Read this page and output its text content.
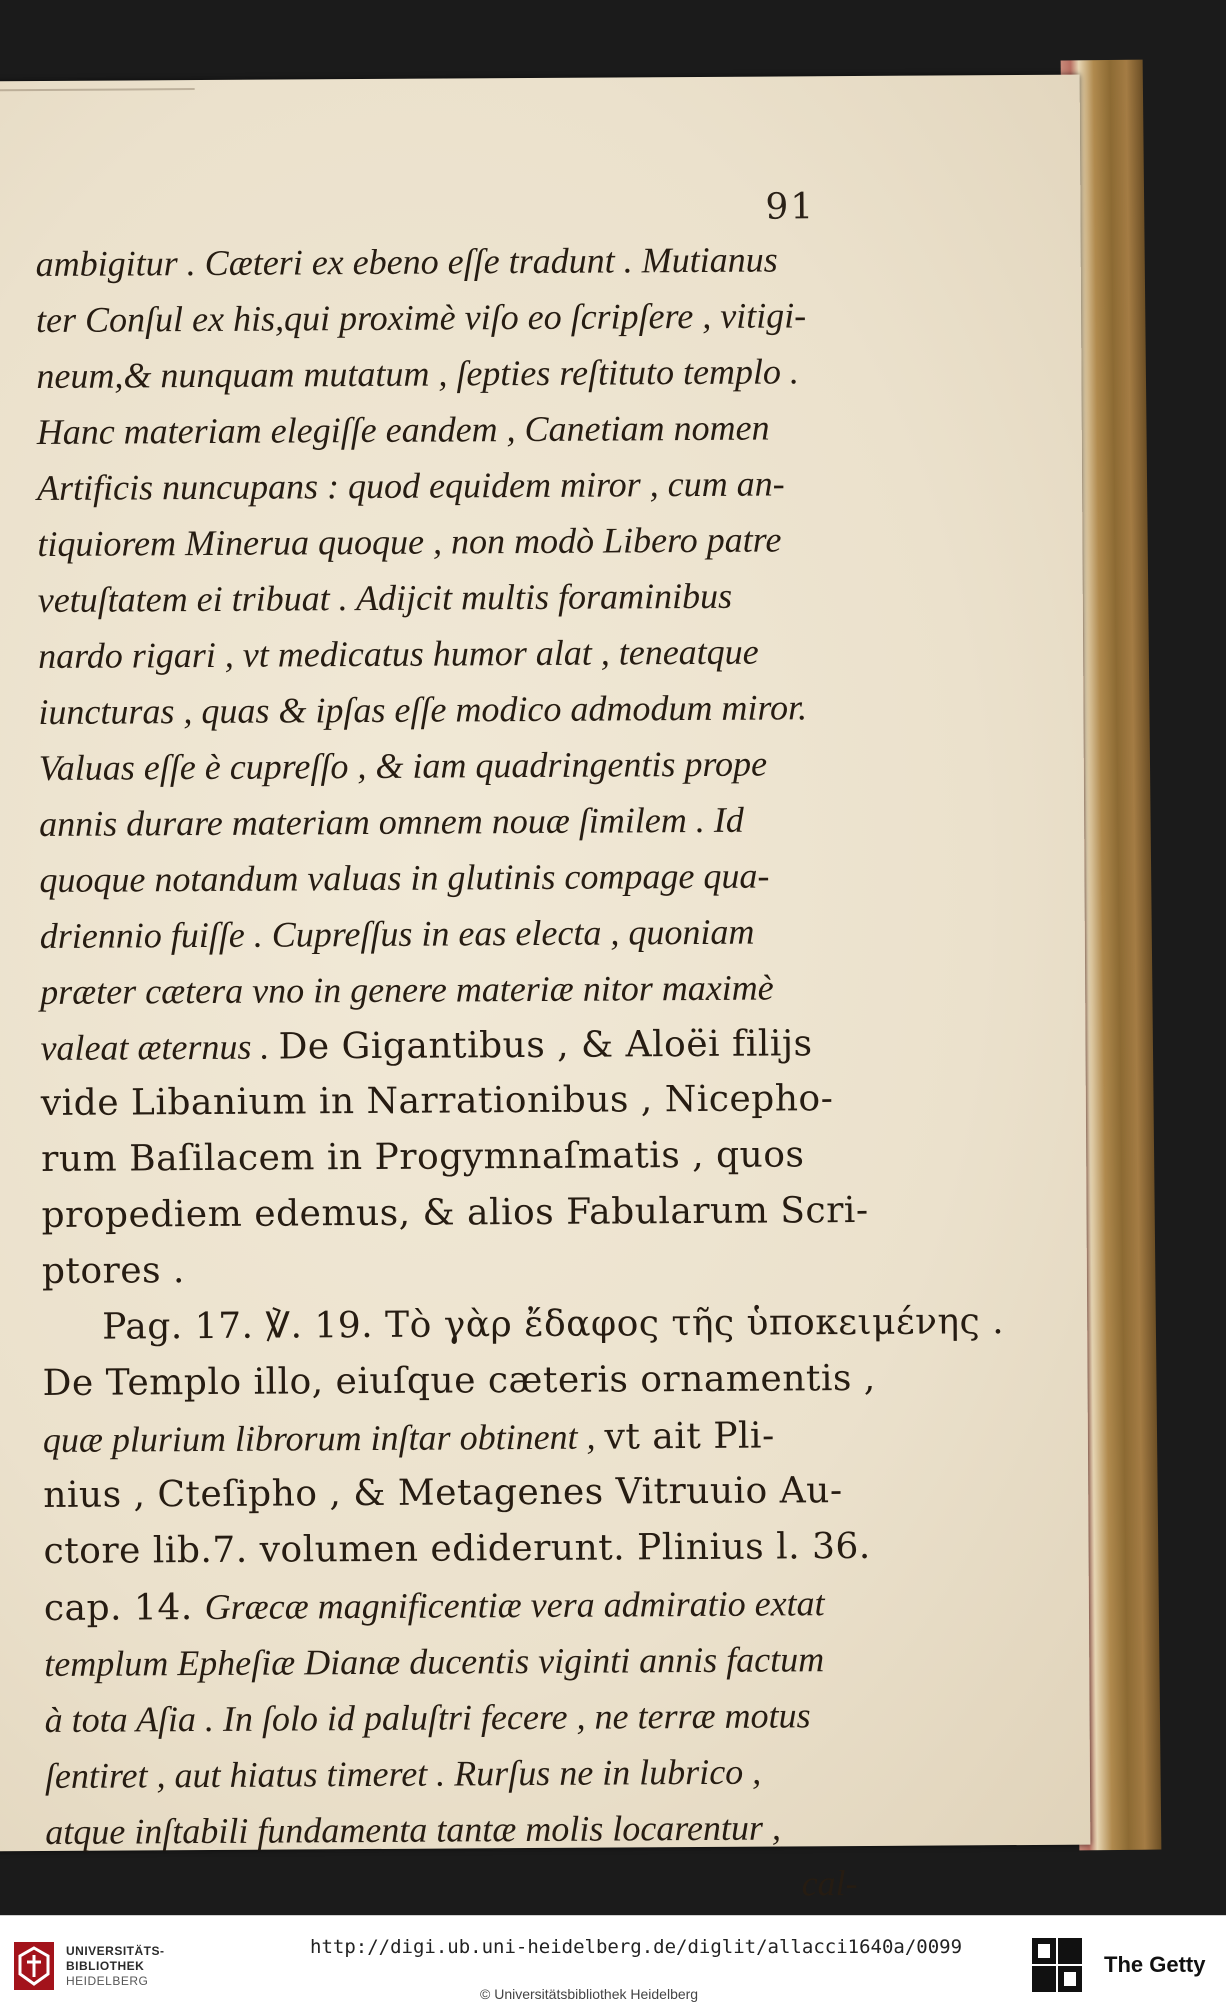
91
ambigitur . Cæteri ex ebeno eſſe tradunt . Mutianus
ter Conſul ex his,qui proximè viſo eo ſcripſere , vitigi-
neum,& nunquam mutatum , ſepties reſtituto templo .
Hanc materiam elegiſſe eandem , Canetiam nomen
Artificis nuncupans : quod equidem miror , cum an-
tiquiorem Minerua quoque , non modò Libero patre
vetuſtatem ei tribuat . Adijcit multis foraminibus
nardo rigari , vt medicatus humor alat , teneatque
iuncturas , quas & ipſas eſſe modico admodum miror.
Valuas eſſe è cupreſſo , & iam quadringentis prope
annis durare materiam omnem nouæ ſimilem . Id
quoque notandum valuas in glutinis compage qua-
driennio fuiſſe . Cupreſſus in eas electa , quoniam
præter cætera vno in genere materiæ nitor maximè
valeat æternus . De Gigantibus , & Aloëi filijs
vide Libanium in Narrationibus , Nicepho-
rum Baſilacem in Progymnaſmatis , quos
propediem edemus, & alios Fabularum Scri-
ptores .
Pag. 17. ℣. 19. Τὸ γὰρ ἔδαφος τῆς ὑποκειμένης .
De Templo illo, eiuſque cæteris ornamentis ,
quæ plurium librorum inſtar obtinent , vt ait Pli-
nius , Cteſipho , & Metagenes Vitruuio Au-
ctore lib.7. volumen ediderunt. Plinius l. 36.
cap. 14. Græcæ magnificentiæ vera admiratio extat
templum Epheſiæ Dianæ ducentis viginti annis factum
à tota Aſia . In ſolo id paluſtri fecere , ne terræ motus
ſentiret , aut hiatus timeret . Rurſus ne in lubrico ,
atque inſtabili fundamenta tantæ molis locarentur ,
cal-
UNIVERSITÄTS-
BIBLIOTHEK
HEIDELBERG
http://digi.ub.uni-heidelberg.de/diglit/allacci1640a/0099
© Universitätsbibliothek Heidelberg
The Getty
